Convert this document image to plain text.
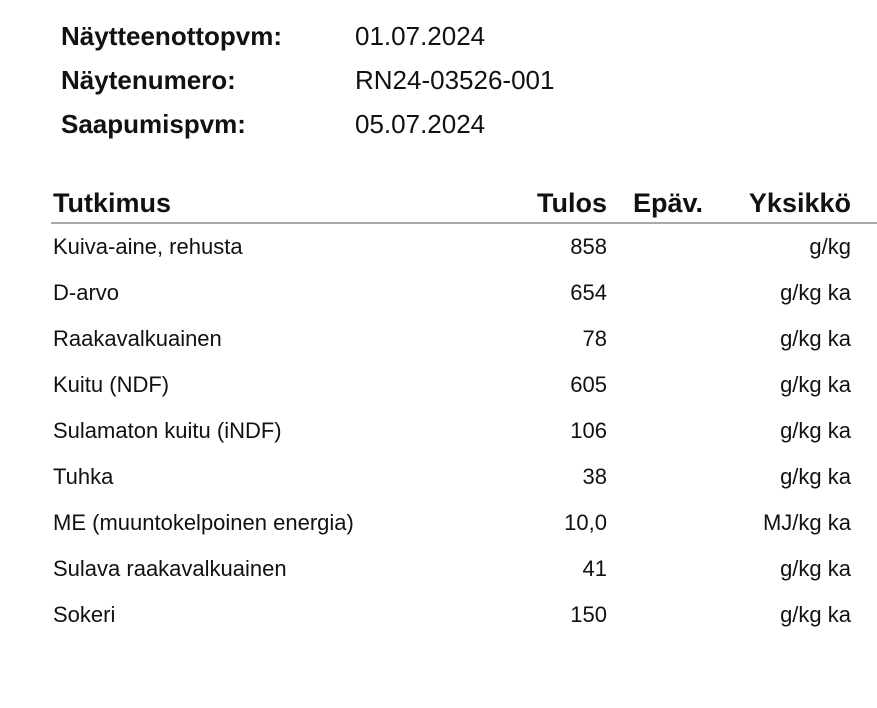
Näytteenottopvm:	01.07.2024
Näytenumero:	RN24-03526-001
Saapumispvm:	05.07.2024
Tutkimus	Tulos Epäv.	Yksikkö
Kuiva-aine, rehusta	858	g/kg
D-arvo	654	g/kg ka
Raakavalkuainen	78	g/kg ka
Kuitu (NDF)	605	g/kg ka
Sulamaton kuitu (iNDF)	106	g/kg ka
Tuhka	38	g/kg ka
ME (muuntokelpoinen energia)	10,0	MJ/kg ka
Sulava raakavalkuainen	41	g/kg ka
Sokeri	150	g/kg ka
